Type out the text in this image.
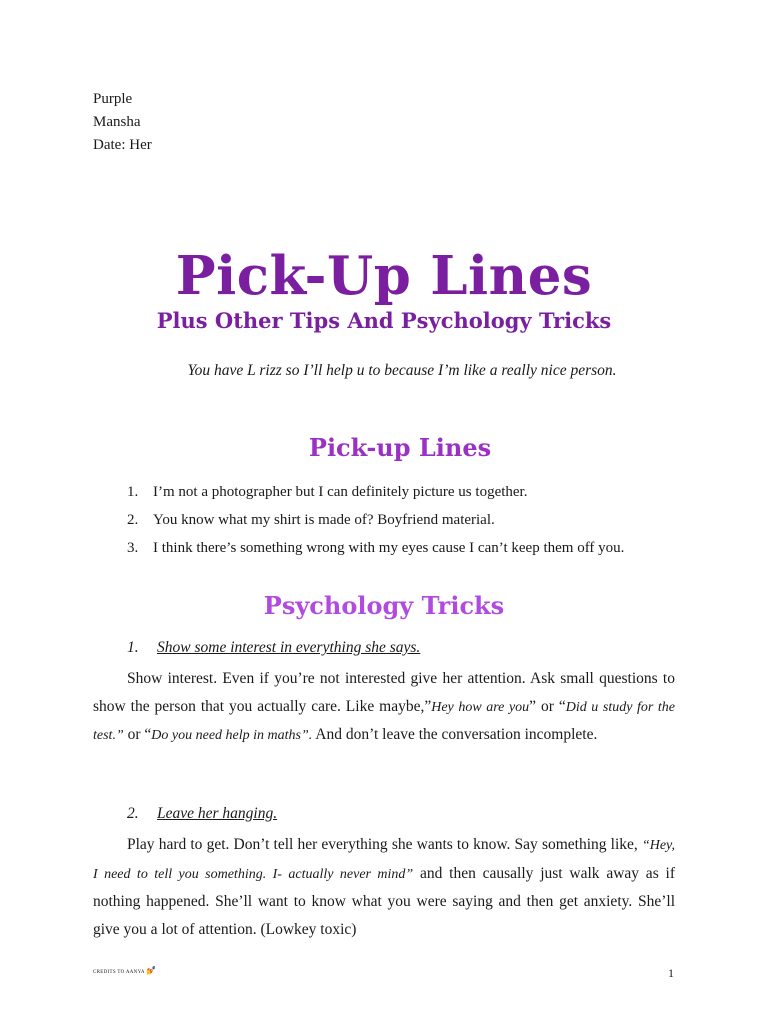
Purple
Mansha
Date: Her
Pick-Up Lines
Plus Other Tips And Psychology Tricks
You have L rizz so I’ll help u to because I’m like a really nice person.
Pick-up Lines
1. I’m not a photographer but I can definitely picture us together.
2. You know what my shirt is made of? Boyfriend material.
3. I think there’s something wrong with my eyes cause I can’t keep them off you.
Psychology Tricks
1. Show some interest in everything she says.
Show interest. Even if you’re not interested give her attention. Ask small questions to show the person that you actually care. Like maybe,”Hey how are you” or “Did u study for the test.” or “Do you need help in maths”. And don’t leave the conversation incomplete.
2. Leave her hanging.
Play hard to get. Don’t tell her everything she wants to know. Say something like, “Hey, I need to tell you something. I- actually never mind” and then causally just walk away as if nothing happened. She’ll want to know what you were saying and then get anxiety. She’ll give you a lot of attention. (Lowkey toxic)
CREDITS TO AANYA 💅	1
